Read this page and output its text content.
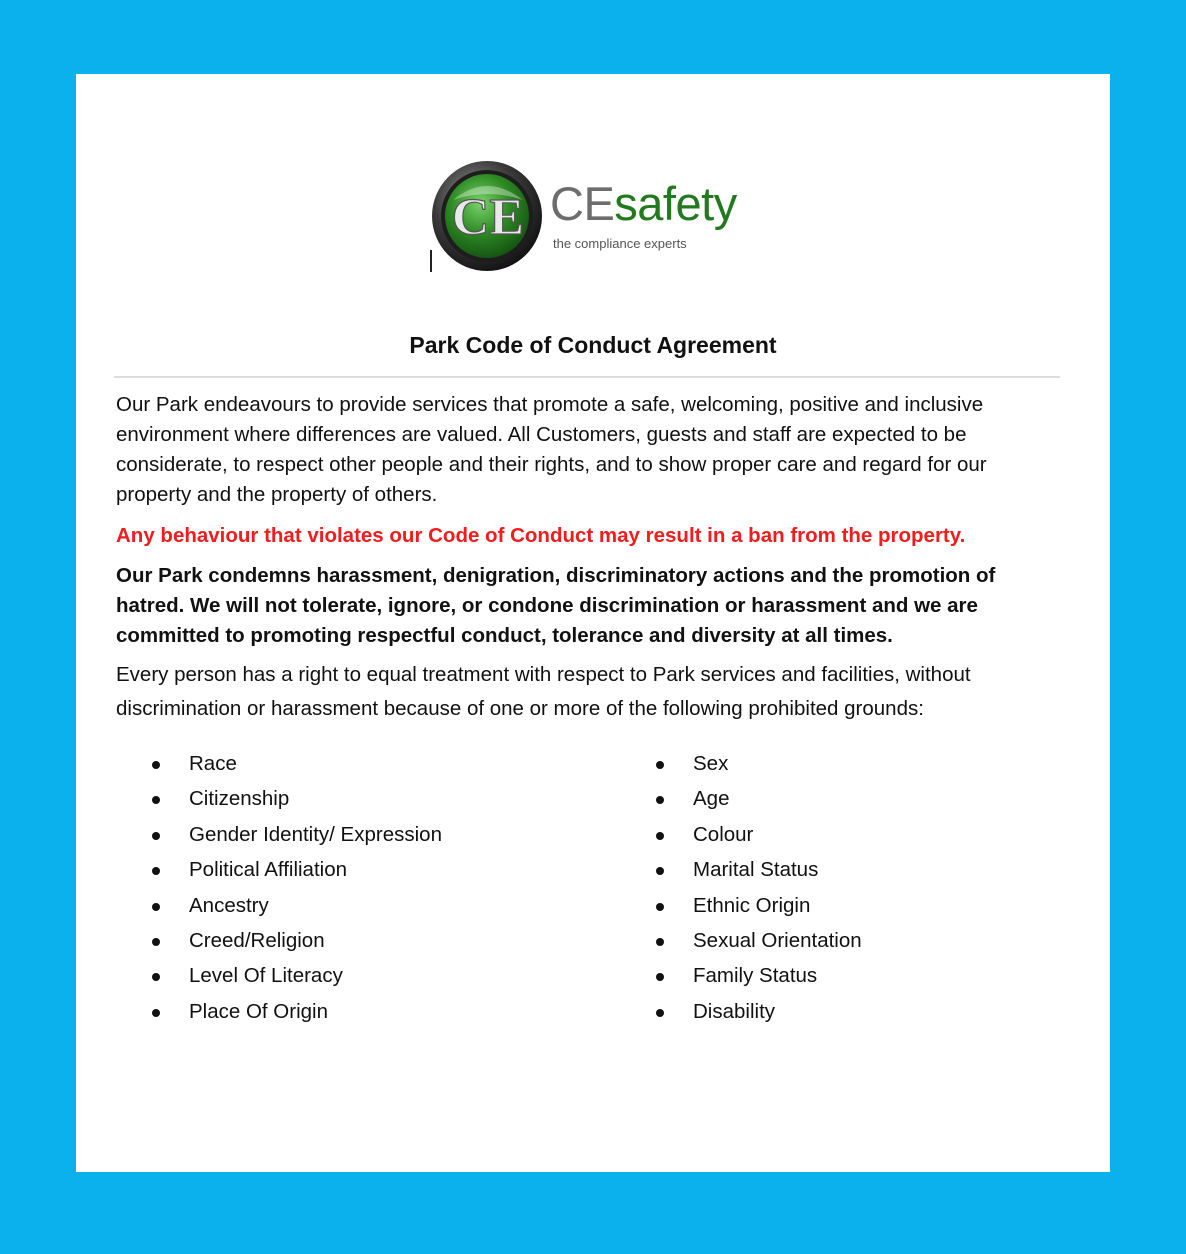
CE CEsafety
the compliance experts
Park Code of Conduct Agreement

Our Park endeavours to provide services that promote a safe, welcoming, positive and inclusive environment where differences are valued. All Customers, guests and staff are expected to be considerate, to respect other people and their rights, and to show proper care and regard for our property and the property of others.

Any behaviour that violates our Code of Conduct may result in a ban from the property.

Our Park condemns harassment, denigration, discriminatory actions and the promotion of hatred. We will not tolerate, ignore, or condone discrimination or harassment and we are committed to promoting respectful conduct, tolerance and diversity at all times.

Every person has a right to equal treatment with respect to Park services and facilities, without discrimination or harassment because of one or more of the following prohibited grounds:

Race
Citizenship
Gender Identity/ Expression
Political Affiliation
Ancestry
Creed/Religion
Level Of Literacy
Place Of Origin
Sex
Age
Colour
Marital Status
Ethnic Origin
Sexual Orientation
Family Status
Disability
